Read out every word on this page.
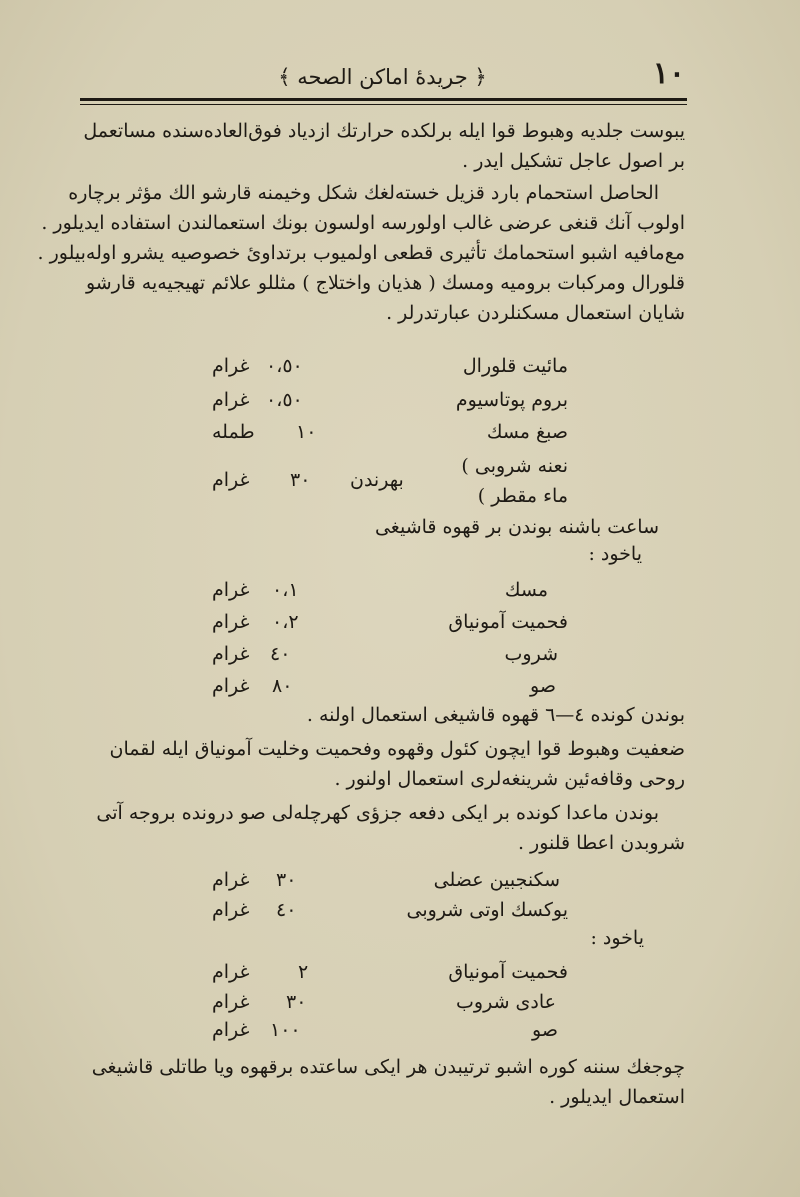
١٠
﴿ جريدۀ اماكن الصحه ﴾
يبوست جلديه وهبوط قوا ايله برلكده حرارتك ازدياد فوق‌العاده‌سنده مساتعمل
بر اصول عاجل تشكيل ايدر .
الحاصل استحمام بارد قزيل خسته‌لغك شكل وخيمنه قارشو الك مؤثر برچاره
اولوب آنك قنغى عرضى غالب اولورسه اولسون بونك استعمالندن استفاده ايديلور .
مع‌مافيه اشبو استحمامك تأثيرى قطعى اولميوب برتداوىٔ خصوصيه يشرو اوله‌بيلور .
قلورال ومركبات بروميه ومسك ( هذيان واختلاج ) مثللو علائم تهيجيه‌يه قارشو
شايان استعمال مسكنلردن عبارتدرلر .
مائيت قلورال
٠،٥٠
غرام
بروم پوتاسيوم
٠،٥٠
غرام
صبغ مسك
١٠
طمله
نعنه شروبى )
ماء مقطر )
بهرندن
٣٠
غرام
ساعت باشنه بوندن بر قهوه قاشيغى
ياخود :
مسك
٠،١
غرام
فحميت آمونياق
٠،٢
غرام
شروب
٤٠
غرام
صو
٨٠
غرام
بوندن كونده ٤—٦ قهوه قاشيغى استعمال اولنه .
ضعفيت وهبوط قوا ايچون كئول وقهوه وفحميت وخليت آمونياق ايله لقمان
روحى وقافه‌ئين شرينغه‌لرى استعمال اولنور .
بوندن ماعدا كونده بر ايكى دفعه جزؤى كهرچله‌لى صو درونده بروجه آتى
شروبدن اعطا قلنور .
سكنجبين عضلى
٣٠
غرام
يوكسك اوتى شروبى
٤٠
غرام
ياخود :
فحميت آمونياق
٢
غرام
عادى شروب
٣٠
غرام
صو
١٠٠
غرام
چوجغك سننه كوره اشبو ترتيبدن هر ايكى ساعتده برقهوه ويا طاتلى قاشيغى
استعمال ايديلور .
